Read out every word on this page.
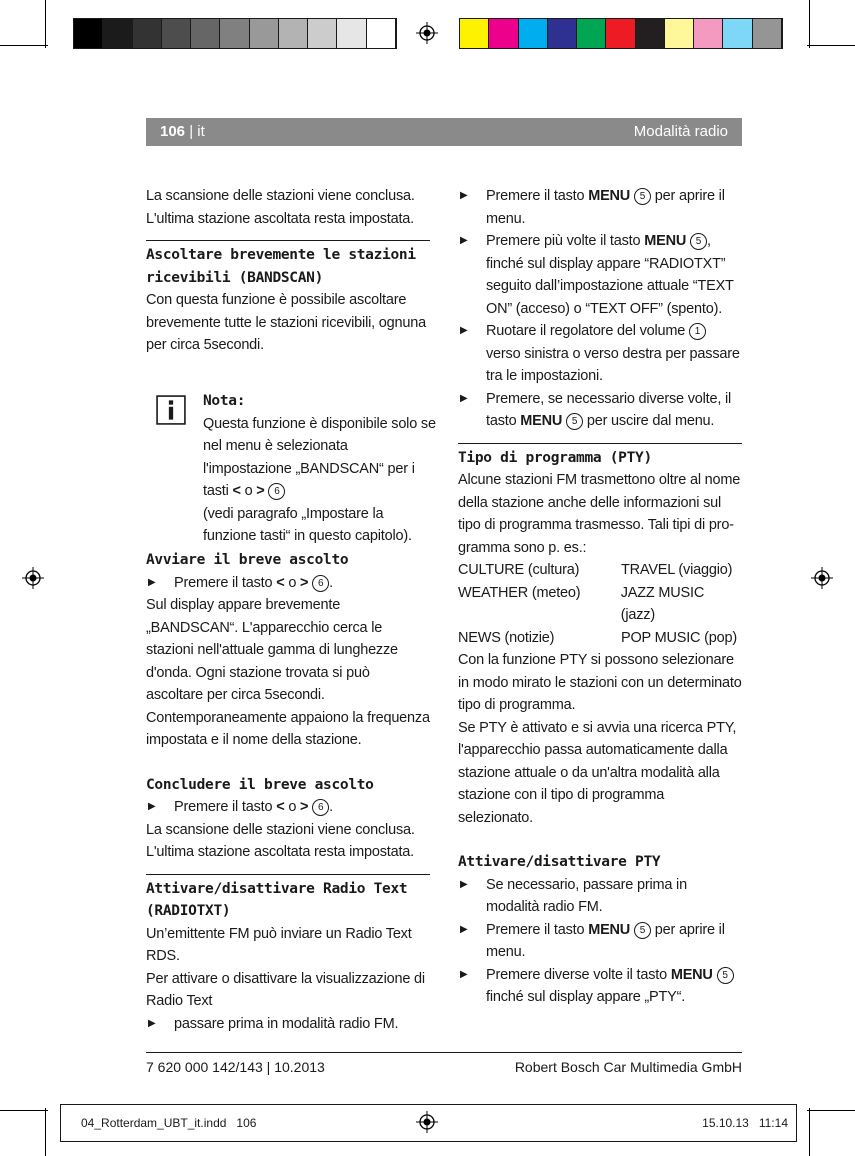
106 | it	Modalità radio

La scansione delle stazioni viene conclusa.

L'ultima stazione ascoltata resta impostata.

Ascoltare brevemente le stazioni ricevibili (BANDSCAN)

Con questa funzione è possibile ascoltare brevemente tutte le stazioni ricevibili, ognuna per circa 5secondi.

Nota:

Questa funzione è disponibile solo se nel menu è selezionata l'impostazione „BANDSCAN“ per i tasti < o > 6
(vedi paragrafo „Impostare la funzione tasti“ in questo capitolo).

Avviare il breve ascolto
▶ Premere il tasto < o > 6 .

Sul display appare brevemente „BANDSCAN“. L'apparecchio cerca le stazioni nell'attuale gamma di lunghezze d'onda. Ogni stazione trovata si può ascoltare per circa 5secondi. Contemporaneamente appaiono la frequenza impostata e il nome della stazione.

Concludere il breve ascolto
▶ Premere il tasto < o > 6 .

La scansione delle stazioni viene conclusa.

L'ultima stazione ascoltata resta impostata.

Attivare/disattivare Radio Text (RADIOTXT)

Un’emittente FM può inviare un Radio Text RDS.

Per attivare o disattivare la visualizzazione di Radio Text

▶ passare prima in modalità radio FM.
▶ Premere il tasto MENU 5 per aprire il menu.
▶ Premere più volte il tasto MENU 5 , finché sul display appare “RADIOTXT” seguito dall’impostazione attuale “TEXT ON” (acceso) o “TEXT OFF” (spento).
▶ Ruotare il regolatore del volume 1 verso sinistra o verso destra per passare tra le impostazioni.
▶ Premere, se necessario diverse volte, il tasto MENU 5 per uscire dal menu.
Tipo di programma (PTY)

Alcune stazioni FM trasmettono oltre al nome della stazione anche delle informazioni sul tipo di programma trasmesso. Tali tipi di pro-gramma sono p. es.:

CULTURE (cultura)	TRAVEL (viaggio)
WEATHER (meteo)	JAZZ MUSIC (jazz)
NEWS (notizie)	POP MUSIC (pop)

Con la funzione PTY si possono selezionare in modo mirato le stazioni con un determinato tipo di programma.

Se PTY è attivato e si avvia una ricerca PTY, l'apparecchio passa automaticamente dalla stazione attuale o da un'altra modalità alla stazione con il tipo di programma selezionato.

Attivare/disattivare PTY
▶ Se necessario, passare prima in modalità radio FM.
▶ Premere il tasto MENU 5 per aprire il menu.
▶ Premere diverse volte il tasto MENU 5 finché sul display appare „PTY“.
7 620 000 142/143 | 10.2013	Robert Bosch Car Multimedia GmbH
04_Rotterdam_UBT_it.indd   106	15.10.13   11:14
